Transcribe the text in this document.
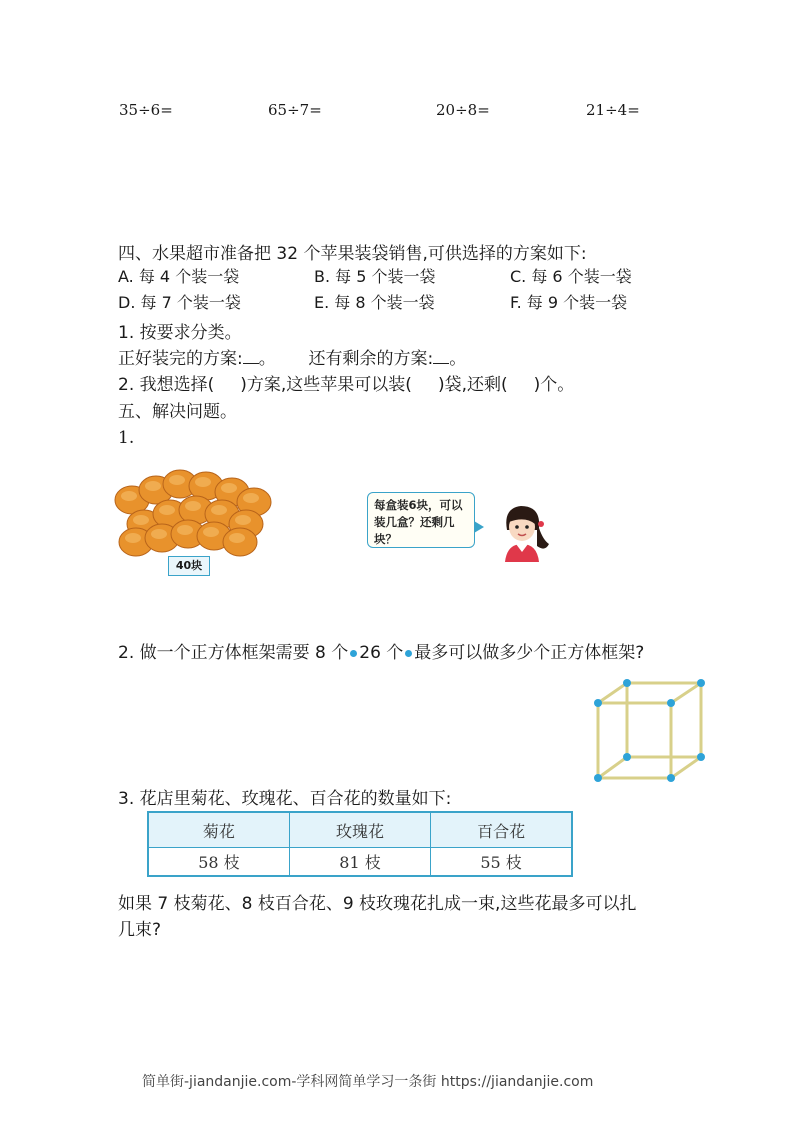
35÷6=	65÷7=	20÷8=	21÷4=
四、水果超市准备把 32 个苹果装袋销售,可供选择的方案如下:
A. 每 4 个装一袋	B. 每 5 个装一袋	C. 每 6 个装一袋
D. 每 7 个装一袋	E. 每 8 个装一袋	F. 每 9 个装一袋
1. 按要求分类。
正好装完的方案: 。 还有剩余的方案: 。
2. 我想选择( )方案,这些苹果可以装( )袋,还剩( )个。
五、解决问题。
1.
40块
每盒装6块，可以装几盒？还剩几块？
2. 做一个正方体框架需要 8 个 26 个 最多可以做多少个正方体框架?
3. 花店里菊花、玫瑰花、百合花的数量如下:
菊花	玫瑰花	百合花
58 枝	81 枝	55 枝
如果 7 枝菊花、8 枝百合花、9 枝玫瑰花扎成一束,这些花最多可以扎
几束?
简单街-jiandanjie.com-学科网简单学习一条街 https://jiandanjie.com
